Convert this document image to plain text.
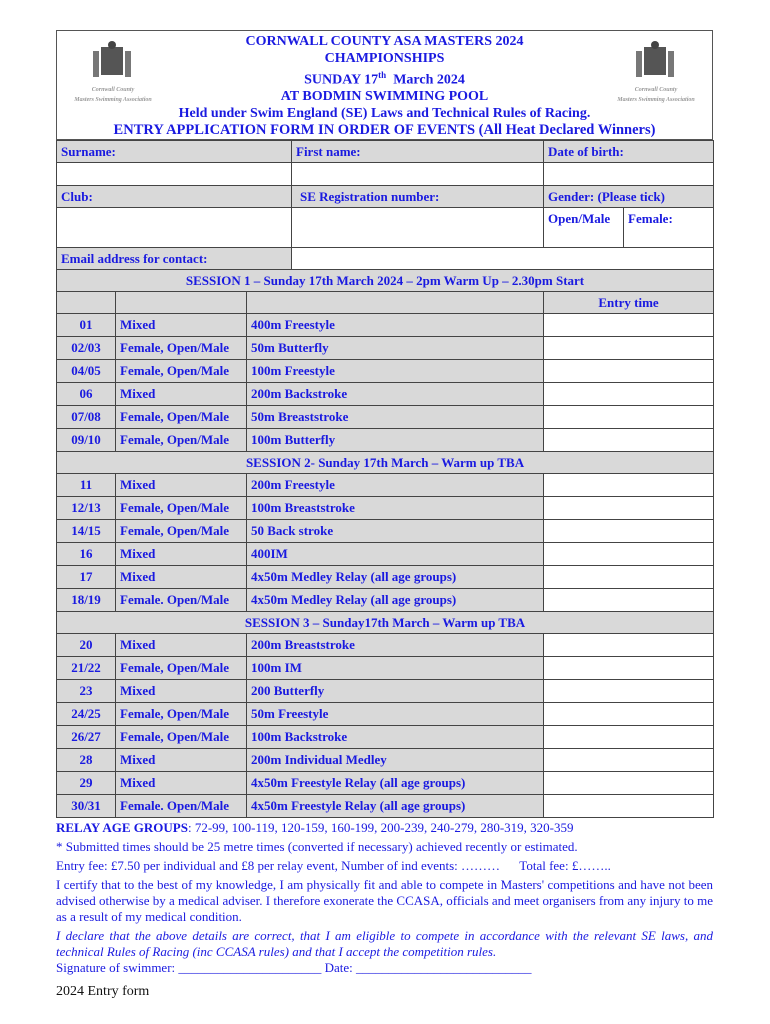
Cornwall County
Masters Swimming Association
Cornwall County
Masters Swimming Association
CORNWALL COUNTY ASA MASTERS 2024
CHAMPIONSHIPS
SUNDAY 17th  March 2024
AT BODMIN SWIMMING POOL
Held under Swim England (SE) Laws and Technical Rules of Racing.
ENTRY APPLICATION FORM IN ORDER OF EVENTS (All Heat Declared Winners)
Surname:			First name:	Date of birth:	

Club:			SE Registration number:	Gender: (Please tick)	
				Open/Male	Female:
Email address for contact:					
SESSION 1 – Sunday 17th March 2024 – 2pm Warm Up – 2.30pm Start					
				Entry time	
01	Mixed	400m Freestyle			
02/03	Female, Open/Male	50m Butterfly			
04/05	Female, Open/Male	100m Freestyle			
06	Mixed	200m Backstroke			
07/08	Female, Open/Male	50m Breaststroke			
09/10	Female, Open/Male	100m Butterfly			
SESSION 2- Sunday 17th March – Warm up TBA					
11	Mixed	200m Freestyle			
12/13	Female, Open/Male	100m Breaststroke			
14/15	Female, Open/Male	50 Back stroke			
16	Mixed	400IM			
17	Mixed	4x50m Medley Relay (all age groups)			
18/19	Female. Open/Male	4x50m Medley Relay (all age groups)			
SESSION 3 – Sunday17th March – Warm up TBA					
20	Mixed	200m Breaststroke			
21/22	Female, Open/Male	100m IM			
23	Mixed	200 Butterfly			
24/25	Female, Open/Male	50m Freestyle			
26/27	Female, Open/Male	100m Backstroke			
28	Mixed	200m Individual Medley			
29	Mixed	4x50m Freestyle Relay (all age groups)			
30/31	Female. Open/Male	4x50m Freestyle Relay (all age groups)			

RELAY AGE GROUPS: 72-99, 100-119, 120-159, 160-199, 200-239, 240-279, 280-319, 320-359

* Submitted times should be 25 metre times (converted if necessary) achieved recently or estimated.

Entry fee: £7.50 per individual and £8 per relay event, Number of ind events: ………      Total fee: £……..

I certify that to the best of my knowledge, I am physically fit and able to compete in Masters' competitions and have not been advised otherwise by a medical adviser. I therefore exonerate the CCASA, officials and meet organisers from any injury to me as a result of my medical condition.

I declare that the above details are correct, that I am eligible to compete in accordance with the relevant SE laws, and technical Rules of Racing (inc CCASA rules) and that I accept the competition rules.

Signature of swimmer: ______________________ Date: ___________________________

2024 Entry form
